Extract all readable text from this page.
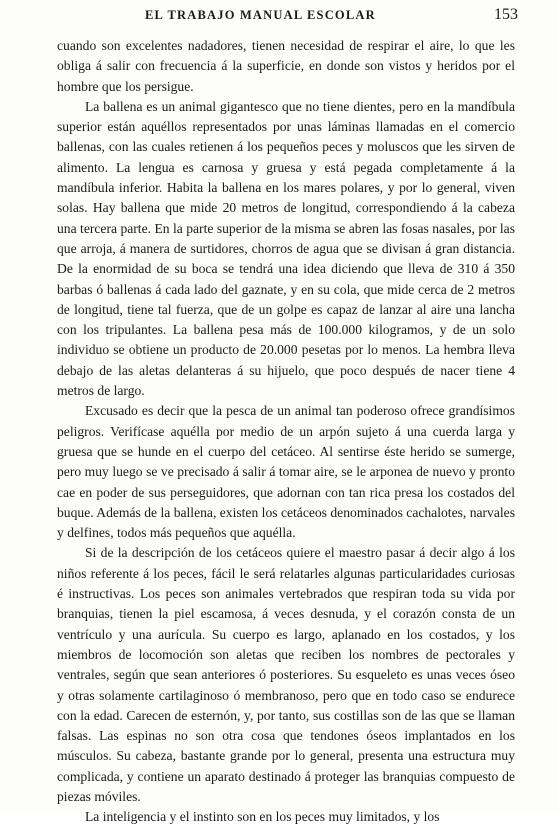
EL TRABAJO MANUAL ESCOLAR	153

cuando son excelentes nadadores, tienen necesidad de respirar el aire, lo que les obliga á salir con frecuencia á la superficie, en donde son vistos y heridos por el hombre que los persigue.

La ballena es un animal gigantesco que no tiene dientes, pero en la mandíbula superior están aquéllos representados por unas láminas llamadas en el comercio ballenas, con las cuales retienen á los pequeños peces y moluscos que les sirven de alimento. La lengua es carnosa y gruesa y está pegada completamente á la mandíbula inferior. Habita la ballena en los mares polares, y por lo general, viven solas. Hay ballena que mide 20 metros de longitud, correspondiendo á la cabeza una tercera parte. En la parte superior de la misma se abren las fosas nasales, por las que arroja, á manera de surtidores, chorros de agua que se divisan á gran distancia. De la enormidad de su boca se tendrá una idea diciendo que lleva de 310 á 350 barbas ó ballenas á cada lado del gaznate, y en su cola, que mide cerca de 2 metros de longitud, tiene tal fuerza, que de un golpe es capaz de lanzar al aire una lancha con los tripulantes. La ballena pesa más de 100.000 kilogramos, y de un solo individuo se obtiene un producto de 20.000 pesetas por lo menos. La hembra lleva debajo de las aletas delanteras á su hijuelo, que poco después de nacer tiene 4 metros de largo.

Excusado es decir que la pesca de un animal tan poderoso ofrece grandísimos peligros. Verifícase aquélla por medio de un arpón sujeto á una cuerda larga y gruesa que se hunde en el cuerpo del cetáceo. Al sentirse éste herido se sumerge, pero muy luego se ve precisado á salir á tomar aire, se le arponea de nuevo y pronto cae en poder de sus perseguidores, que adornan con tan rica presa los costados del buque. Además de la ballena, existen los cetáceos denominados cachalotes, narvales y delfines, todos más pequeños que aquélla.

Si de la descripción de los cetáceos quiere el maestro pasar á decir algo á los niños referente á los peces, fácil le será relatarles algunas particularidades curiosas é instructivas. Los peces son animales vertebrados que respiran toda su vida por branquias, tienen la piel escamosa, á veces desnuda, y el corazón consta de un ventrículo y una aurícula. Su cuerpo es largo, aplanado en los costados, y los miembros de locomoción son aletas que reciben los nombres de pectorales y ventrales, según que sean anteriores ó posteriores. Su esqueleto es unas veces óseo y otras solamente cartilaginoso ó membranoso, pero que en todo caso se endurece con la edad. Carecen de esternón, y, por tanto, sus costillas son de las que se llaman falsas. Las espinas no son otra cosa que tendones óseos implantados en los músculos. Su cabeza, bastante grande por lo general, presenta una estructura muy complicada, y contiene un aparato destinado á proteger las branquias compuesto de piezas móviles.

La inteligencia y el instinto son en los peces muy limitados, y los
